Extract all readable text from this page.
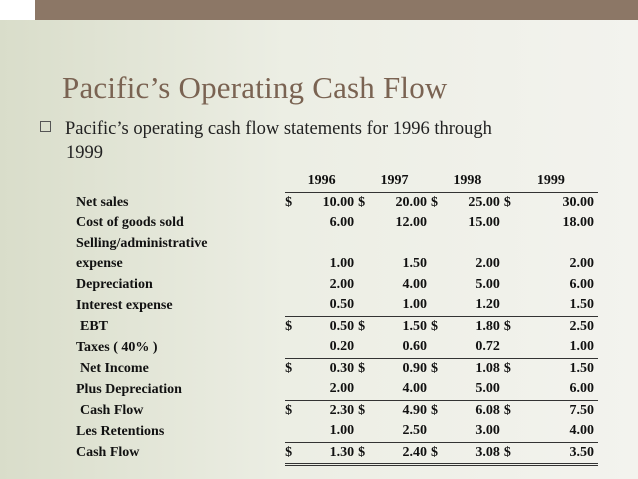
Pacific’s Operating Cash Flow
Pacific’s operating cash flow statements for 1996 through
1999
	1996		1997		1998		1999	
Net sales	$	10.00	$	20.00	$	25.00	$	30.00
Cost of goods sold		6.00		12.00		15.00		18.00
Selling/administrative								
expense		1.00		1.50		2.00		2.00
Depreciation		2.00		4.00		5.00		6.00
Interest expense		0.50		1.00		1.20		1.50
EBT	$	0.50	$	1.50	$	1.80	$	2.50
Taxes ( 40% )		0.20		0.60		0.72		1.00
Net Income	$	0.30	$	0.90	$	1.08	$	1.50
Plus Depreciation		2.00		4.00		5.00		6.00
Cash Flow	$	2.30	$	4.90	$	6.08	$	7.50
Les Retentions		1.00		2.50		3.00		4.00
Cash Flow	$	1.30	$	2.40	$	3.08	$	3.50
